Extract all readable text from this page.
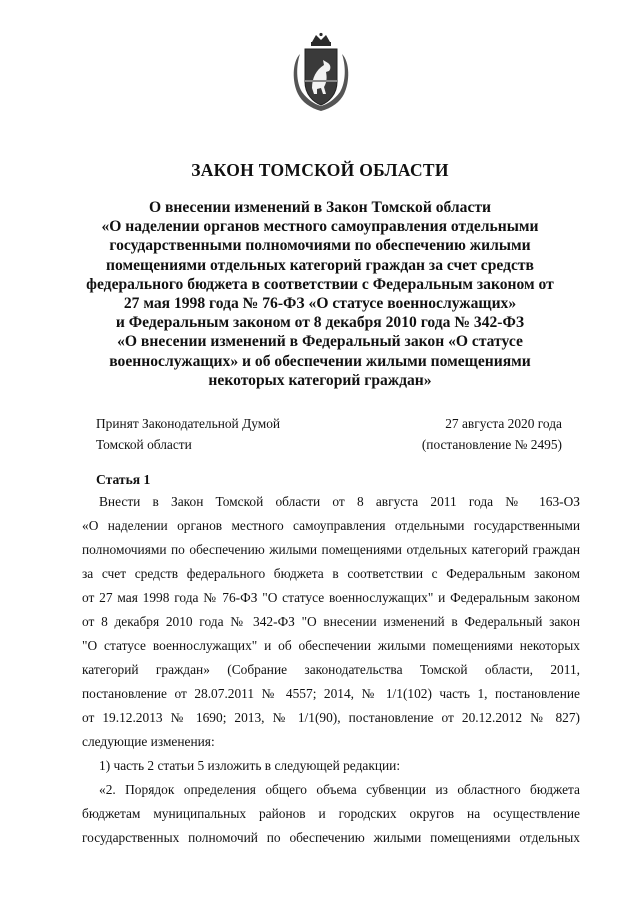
ЗАКОН ТОМСКОЙ ОБЛАСТИ
О внесении изменений в Закон Томской области
«О наделении органов местного самоуправления отдельными
государственными полномочиями по обеспечению жилыми
помещениями отдельных категорий граждан за счет средств
федерального бюджета в соответствии с Федеральным законом от
27 мая 1998 года № 76-ФЗ «О статусе военнослужащих»
и Федеральным законом от 8 декабря 2010 года № 342-ФЗ
«О внесении изменений в Федеральный закон «О статусе
военнослужащих» и об обеспечении жилыми помещениями
некоторых категорий граждан»
Принят Законодательной Думой
Томской области
27 августа 2020 года
(постановление № 2495)
Статья 1
Внести в Закон Томской области от 8 августа 2011 года № 163-ОЗ
«О наделении органов местного самоуправления отдельными государственными
полномочиями по обеспечению жилыми помещениями отдельных категорий граждан
за счет средств федерального бюджета в соответствии с Федеральным законом
от 27 мая 1998 года № 76-ФЗ "О статусе военнослужащих" и Федеральным законом
от 8 декабря 2010 года № 342-ФЗ "О внесении изменений в Федеральный закон
"О статусе военнослужащих" и об обеспечении жилыми помещениями некоторых
категорий граждан» (Собрание законодательства Томской области, 2011,
постановление от 28.07.2011 № 4557; 2014, № 1/1(102) часть 1, постановление
от 19.12.2013 № 1690; 2013, № 1/1(90), постановление от 20.12.2012 № 827)
следующие изменения:
1) часть 2 статьи 5 изложить в следующей редакции:
«2. Порядок определения общего объема субвенции из областного бюджета
бюджетам муниципальных районов и городских округов на осуществление
государственных полномочий по обеспечению жилыми помещениями отдельных
